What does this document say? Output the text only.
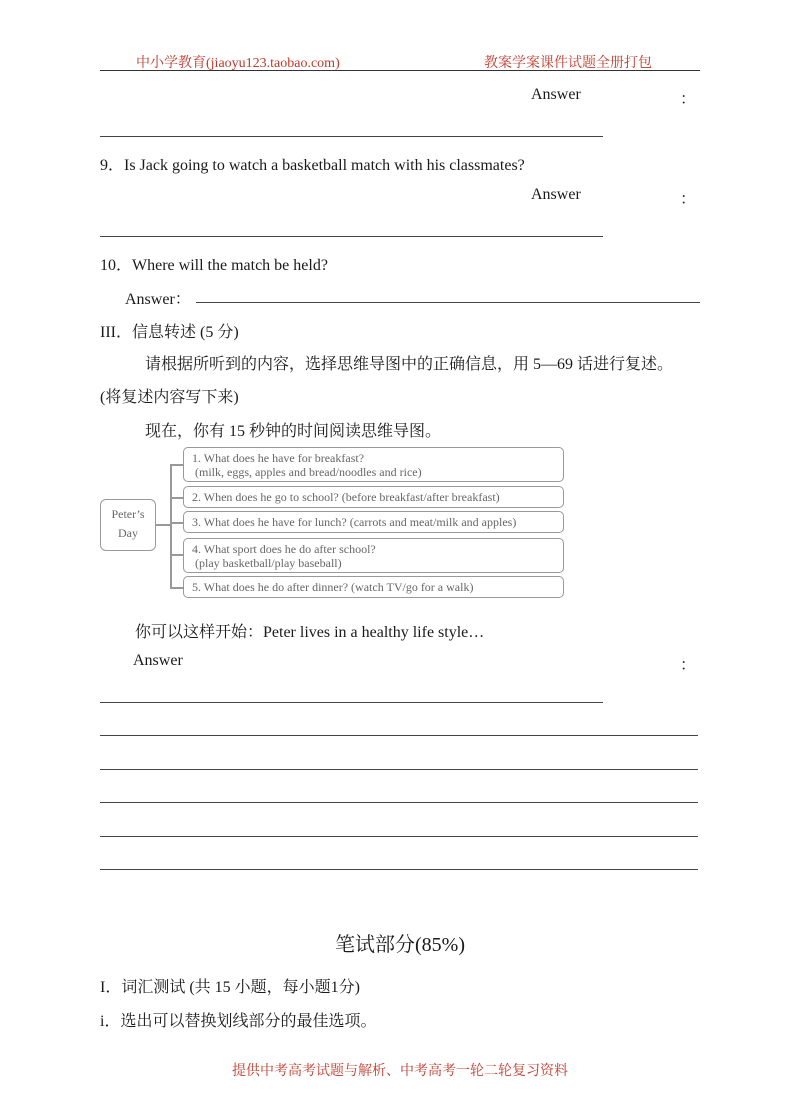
中小学教育(jiaoyu123.taobao.com)	教案学案课件试题全册打包
Answer	：
9．Is Jack going to watch a basketball match with his classmates?
Answer	：
10．Where will the match be held?
Answer：
III．信息转述 (5 分)
请根据所听到的内容，选择思维导图中的正确信息，用 5—69 话进行复述。
(将复述内容写下来)
现在，你有 15 秒钟的时间阅读思维导图。
Peter’s
Day
1. What does he have for breakfast?
(milk, eggs, apples and bread/noodles and rice)
2. When does he go to school? (before breakfast/after breakfast)
3. What does he have for lunch? (carrots and meat/milk and apples)
4. What sport does he do after school?
(play basketball/play baseball)
5. What does he do after dinner? (watch TV/go for a walk)
你可以这样开始：Peter lives in a healthy life style…
Answer	：
笔试部分(85%)
I．词汇测试 (共 15 小题，每小题1分)
i．选出可以替换划线部分的最佳选项。
提供中考高考试题与解析、中考高考一轮二轮复习资料
